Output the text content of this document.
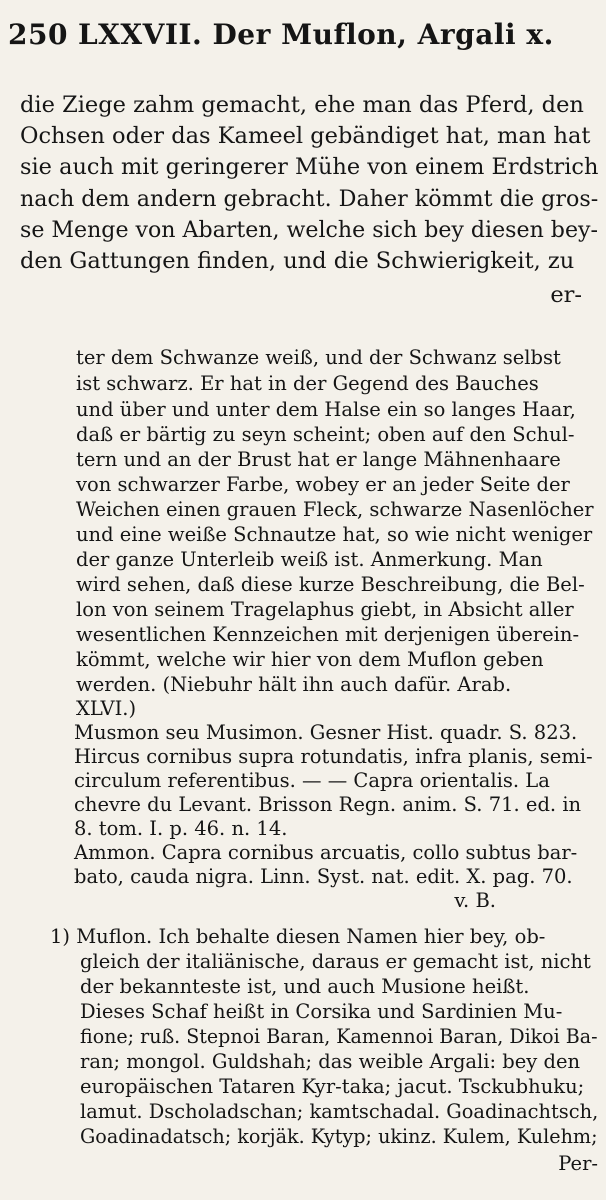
250 LXXVII. Der Muflon, Argali x.
die Ziege zahm gemacht, ehe man das Pferd, den
Ochsen oder das Kameel gebändiget hat, man hat
sie auch mit geringerer Mühe von einem Erdstrich
nach dem andern gebracht. Daher kömmt die gros-
se Menge von Abarten, welche sich bey diesen bey-
den Gattungen finden, und die Schwierigkeit, zu
er-
ter dem Schwanze weiß, und der Schwanz selbst
ist schwarz. Er hat in der Gegend des Bauches
und über und unter dem Halse ein so langes Haar,
daß er bärtig zu seyn scheint; oben auf den Schul-
tern und an der Brust hat er lange Mähnenhaare
von schwarzer Farbe, wobey er an jeder Seite der
Weichen einen grauen Fleck, schwarze Nasenlöcher
und eine weiße Schnautze hat, so wie nicht weniger
der ganze Unterleib weiß ist. Anmerkung. Man
wird sehen, daß diese kurze Beschreibung, die Bel-
lon von seinem Tragelaphus giebt, in Absicht aller
wesentlichen Kennzeichen mit derjenigen überein-
kömmt, welche wir hier von dem Muflon geben
werden. (Niebuhr hält ihn auch dafür. Arab.
XLVI.)
Musmon seu Musimon. Gesner Hist. quadr. S. 823.
Hircus cornibus supra rotundatis, infra planis, semi-
circulum referentibus. — — Capra orientalis. La
chevre du Levant. Brisson Regn. anim. S. 71. ed. in
8. tom. I. p. 46. n. 14.
Ammon. Capra cornibus arcuatis, collo subtus bar-
bato, cauda nigra. Linn. Syst. nat. edit. X. pag. 70.
v. B.
1) Muflon. Ich behalte diesen Namen hier bey, ob-
gleich der italiänische, daraus er gemacht ist, nicht
der bekannteste ist, und auch Musione heißt.
Dieses Schaf heißt in Corsika und Sardinien Mu-
fione; ruß. Stepnoi Baran, Kamennoi Baran, Dikoi Ba-
ran; mongol. Guldshah; das weible Argali: bey den
europäischen Tataren Kyr-taka; jacut. Tsckubhuku;
lamut. Dscholadschan; kamtschadal. Goadinachtsch,
Goadinadatsch; korjäk. Kytyp; ukinz. Kulem, Kulehm;
Per-
